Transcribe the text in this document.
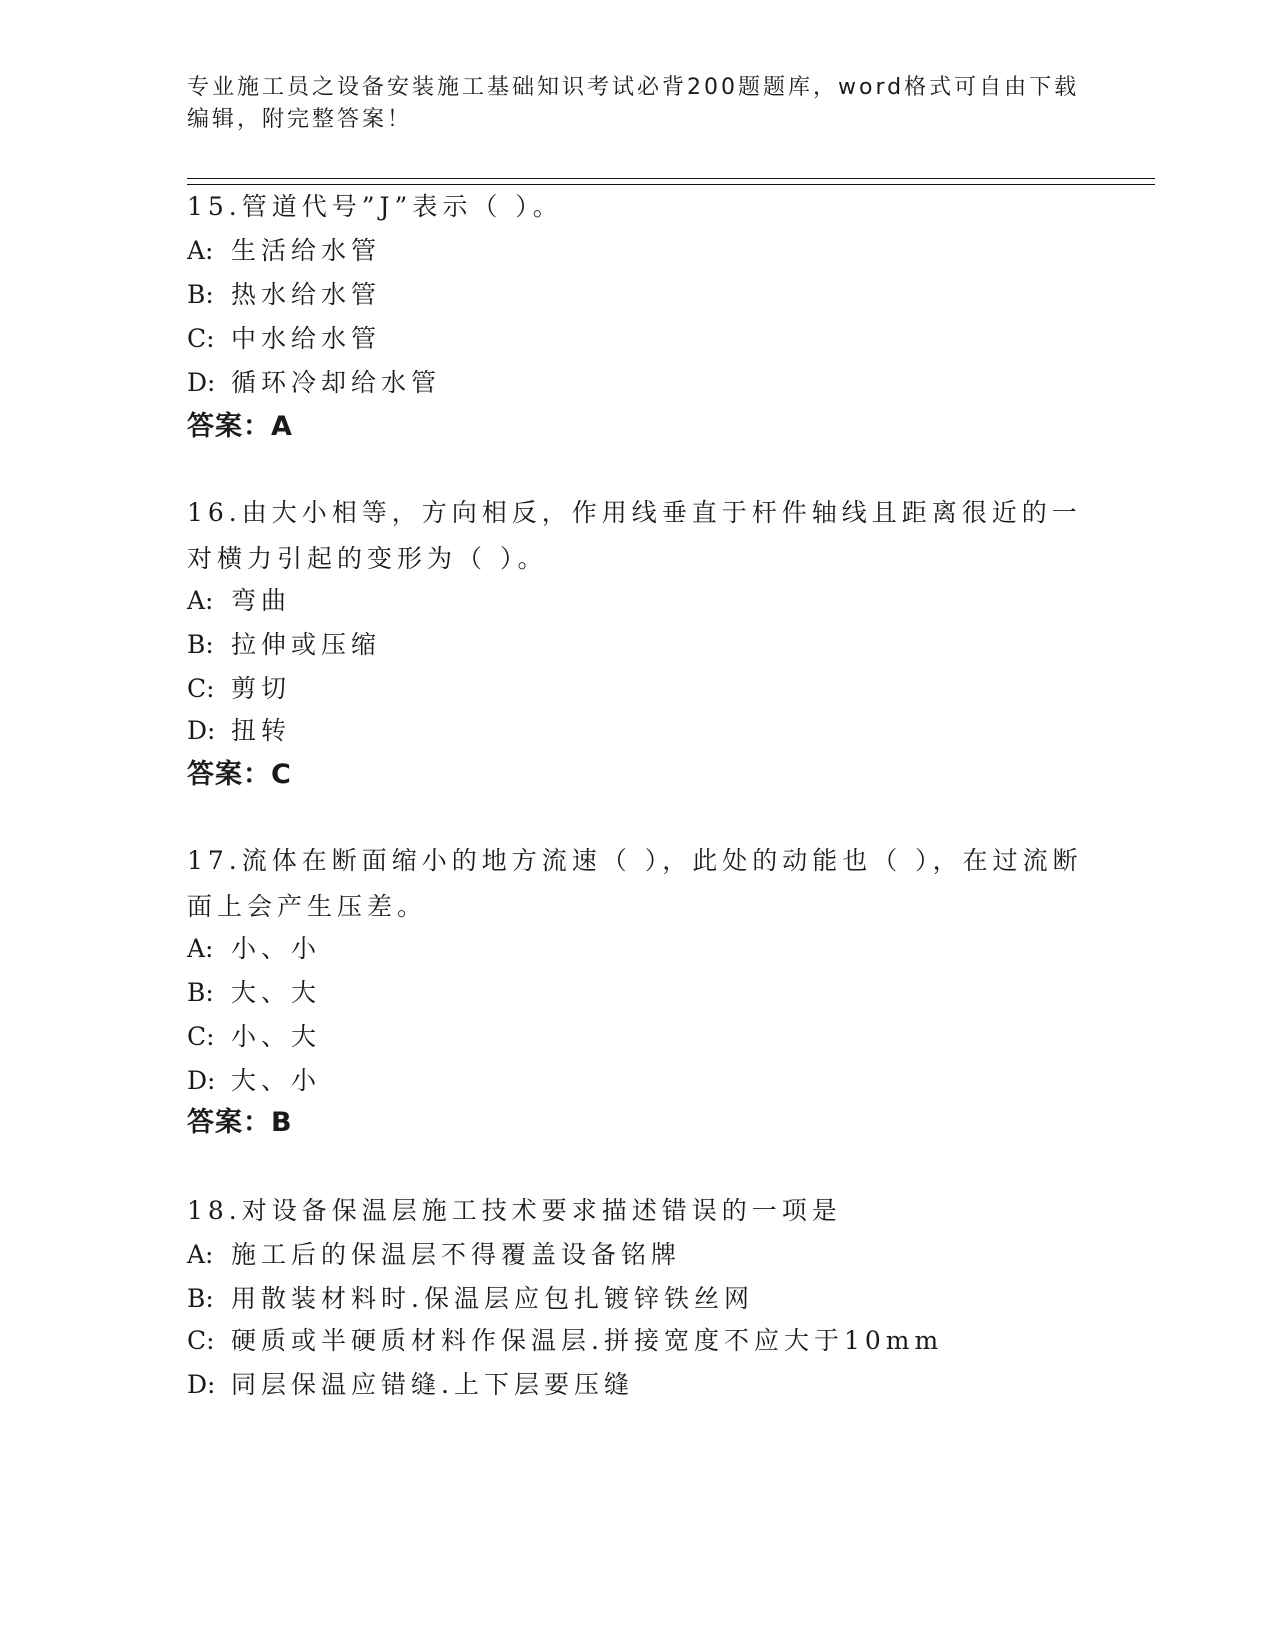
专业施工员之设备安装施工基础知识考试必背200题题库，word格式可自由下载编辑，附完整答案！
15.管道代号”J”表示（ ）。
A: 生活给水管
B: 热水给水管
C: 中水给水管
D: 循环冷却给水管
答案：A
16.由大小相等，方向相反，作用线垂直于杆件轴线且距离很近的一对横力引起的变形为（ ）。
A: 弯曲
B: 拉伸或压缩
C: 剪切
D: 扭转
答案：C
17.流体在断面缩小的地方流速（ ），此处的动能也（ ），在过流断面上会产生压差。
A: 小、小
B: 大、大
C: 小、大
D: 大、小
答案：B
18.对设备保温层施工技术要求描述错误的一项是
A: 施工后的保温层不得覆盖设备铭牌
B: 用散装材料时.保温层应包扎镀锌铁丝网
C: 硬质或半硬质材料作保温层.拼接宽度不应大于10mm
D: 同层保温应错缝.上下层要压缝
